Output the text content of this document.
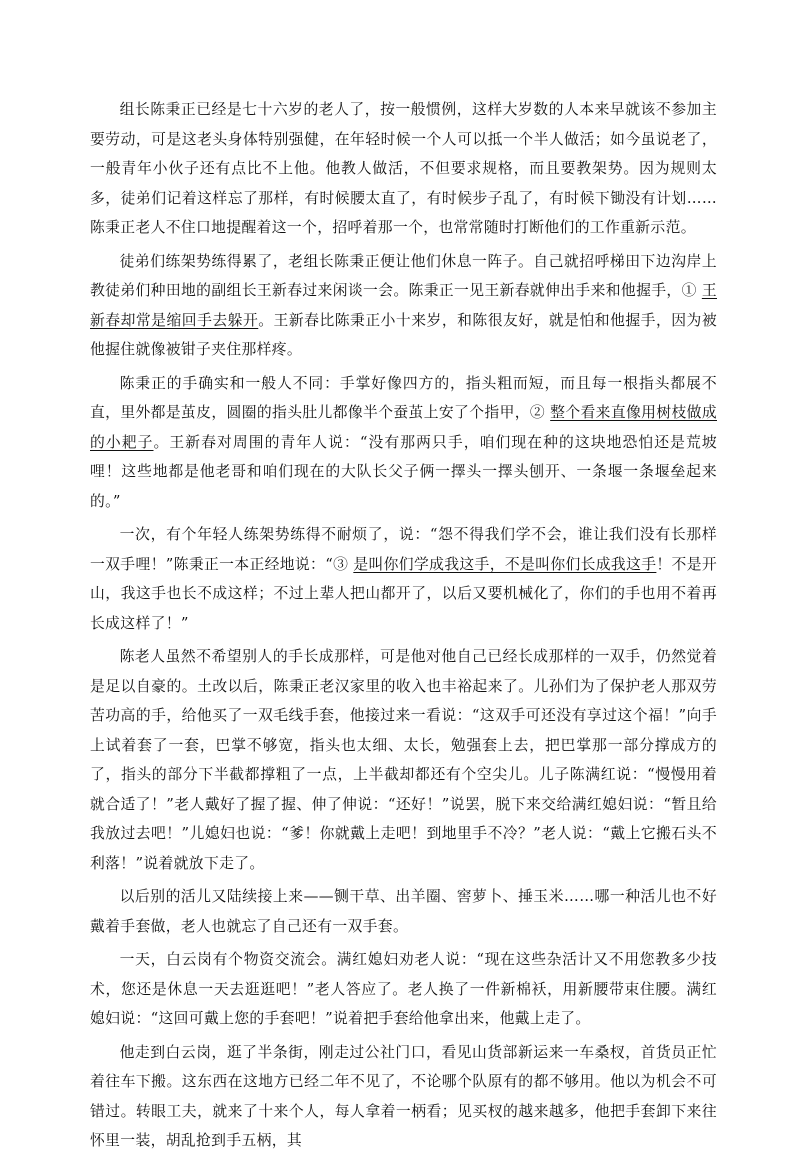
组长陈秉正已经是七十六岁的老人了，按一般惯例，这样大岁数的人本来早就该不参加主要劳动，可是这老头身体特别强健，在年轻时候一个人可以抵一个半人做活；如今虽说老了，一般青年小伙子还有点比不上他。他教人做活，不但要求规格，而且要教架势。因为规则太多，徒弟们记着这样忘了那样，有时候腰太直了，有时候步子乱了，有时候下锄没有计划……陈秉正老人不住口地提醒着这一个，招呼着那一个，也常常随时打断他们的工作重新示范。

徒弟们练架势练得累了，老组长陈秉正便让他们休息一阵子。自己就招呼梯田下边沟岸上教徒弟们种田地的副组长王新春过来闲谈一会。陈秉正一见王新春就伸出手来和他握手，① 王新春却常是缩回手去躲开。王新春比陈秉正小十来岁，和陈很友好，就是怕和他握手，因为被他握住就像被钳子夹住那样疼。

陈秉正的手确实和一般人不同：手掌好像四方的，指头粗而短，而且每一根指头都展不直，里外都是茧皮，圆圈的指头肚儿都像半个蚕茧上安了个指甲，② 整个看来直像用树枝做成的小耙子。王新春对周围的青年人说：“没有那两只手，咱们现在种的这块地恐怕还是荒坡哩！这些地都是他老哥和咱们现在的大队长父子俩一擇头一擇头刨开、一条堰一条堰垒起来的。”

一次，有个年轻人练架势练得不耐烦了，说：“怨不得我们学不会，谁让我们没有长那样一双手哩！”陈秉正一本正经地说：“③ 是叫你们学成我这手，不是叫你们长成我这手！不是开山，我这手也长不成这样；不过上辈人把山都开了，以后又要机械化了，你们的手也用不着再长成这样了！”

陈老人虽然不希望别人的手长成那样，可是他对他自己已经长成那样的一双手，仍然觉着是足以自豪的。土改以后，陈秉正老汉家里的收入也丰裕起来了。儿孙们为了保护老人那双劳苦功高的手，给他买了一双毛线手套，他接过来一看说：“这双手可还没有享过这个福！”向手上试着套了一套，巴掌不够宽，指头也太细、太长，勉强套上去，把巴掌那一部分撑成方的了，指头的部分下半截都撑粗了一点，上半截却都还有个空尖儿。儿子陈满红说：“慢慢用着就合适了！”老人戴好了握了握、伸了伸说：“还好！”说罢，脱下来交给满红媳妇说：“暂且给我放过去吧！”儿媳妇也说：“爹！你就戴上走吧！到地里手不冷？”老人说：“戴上它搬石头不利落！”说着就放下走了。

以后别的活儿又陆续接上来——铡干草、出羊圈、窖萝卜、捶玉米……哪一种活儿也不好戴着手套做，老人也就忘了自己还有一双手套。

一天，白云岗有个物资交流会。满红媳妇劝老人说：“现在这些杂活计又不用您教多少技术，您还是休息一天去逛逛吧！”老人答应了。老人换了一件新棉袄，用新腰带束住腰。满红媳妇说：“这回可戴上您的手套吧！”说着把手套给他拿出来，他戴上走了。

他走到白云岗，逛了半条街，刚走过公社门口，看见山货部新运来一车桑杈，首货员正忙着往车下搬。这东西在这地方已经二年不见了，不论哪个队原有的都不够用。他以为机会不可错过。转眼工夫，就来了十来个人，每人拿着一柄看；见买杈的越来越多，他把手套卸下来往怀里一装，胡乱抢到手五柄，其
